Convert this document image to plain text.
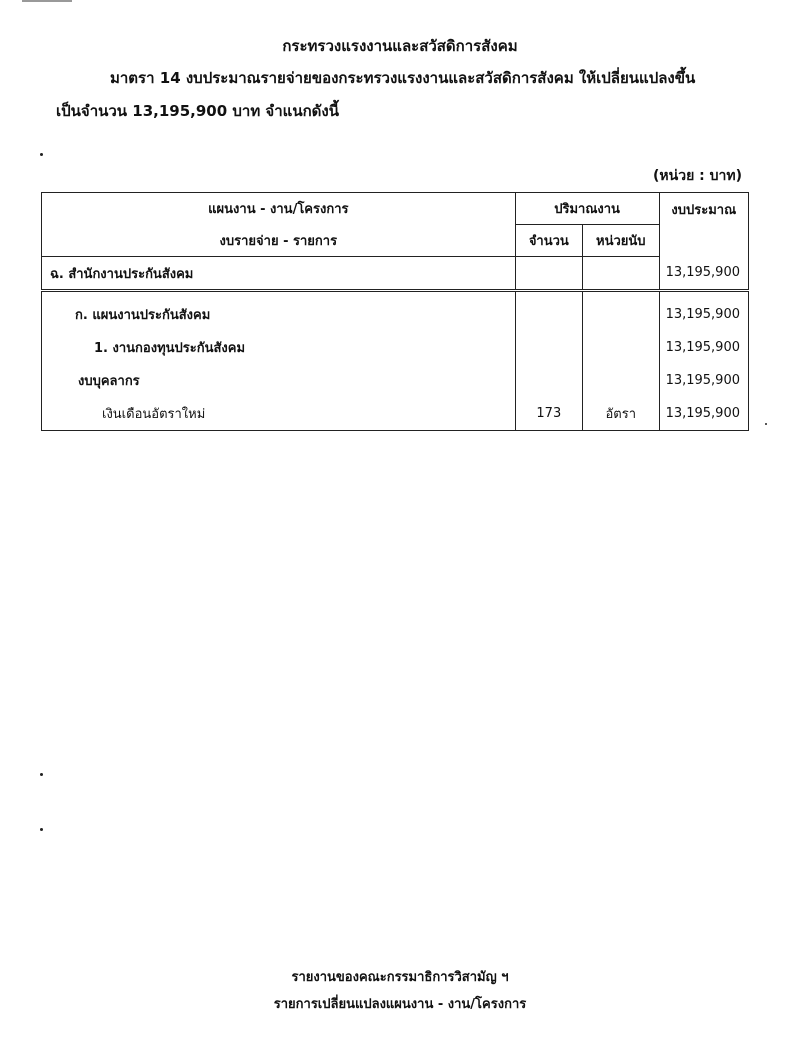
กระทรวงแรงงานและสวัสดิการสังคม
มาตรา 14 งบประมาณรายจ่ายของกระทรวงแรงงานและสวัสดิการสังคม ให้เปลี่ยนแปลงขึ้น
เป็นจำนวน 13,195,900 บาท จำแนกดังนี้
(หน่วย : บาท)
แผนงาน - งาน/โครงการ	ปริมาณงาน		งบประมาณ
งบรายจ่าย - รายการ	จำนวน	หน่วยนับ	
ฉ. สำนักงานประกันสังคม			13,195,900
ก. แผนงานประกันสังคม			13,195,900
1. งานกองทุนประกันสังคม			13,195,900
งบบุคลากร			13,195,900
เงินเดือนอัตราใหม่	173	อัตรา	13,195,900
รายงานของคณะกรรมาธิการวิสามัญ ฯ
รายการเปลี่ยนแปลงแผนงาน - งาน/โครงการ
